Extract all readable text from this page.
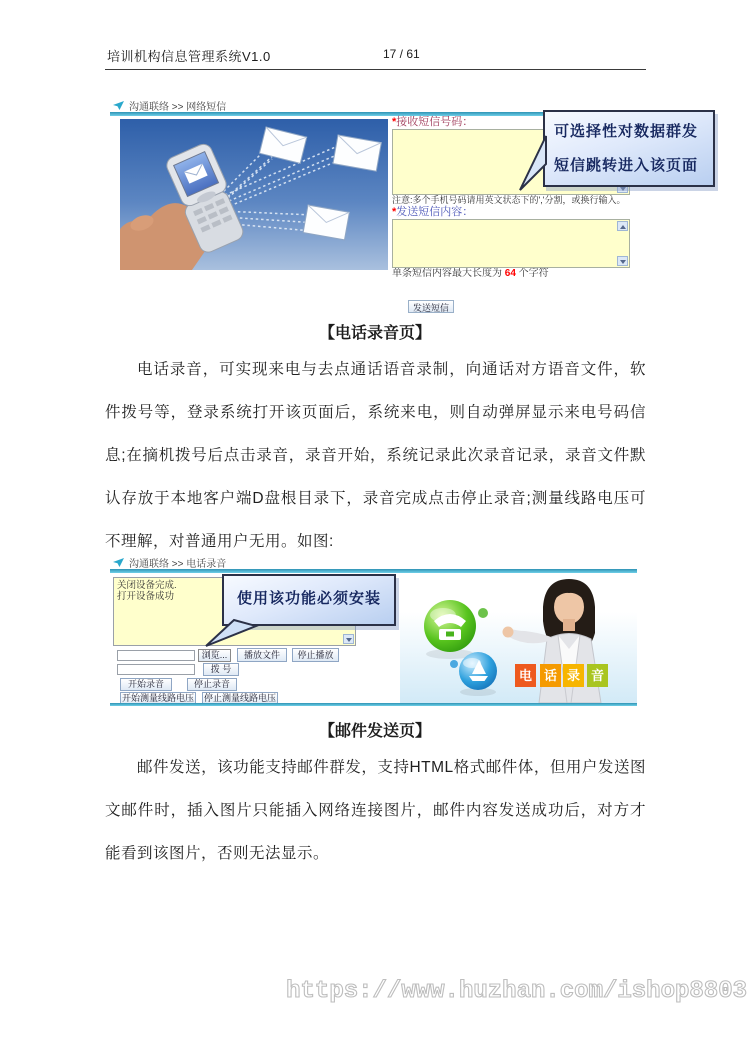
培训机构信息管理系统V1.0	17 / 61
沟通联络 >> 网络短信
*接收短信号码：
注意:多个手机号码请用英文状态下的','分割，或换行输入。
*发送短信内容：
单条短信内容最大长度为 64 个字符
发送短信
可选择性对数据群发
短信跳转进入该页面
【电话录音页】
电话录音，可实现来电与去点通话语音录制，向通话对方语音文件，软件拨号等，登录系统打开该页面后，系统来电，则自动弹屏显示来电号码信息;在摘机拨号后点击录音，录音开始，系统记录此次录音记录，录音文件默认存放于本地客户端D盘根目录下，录音完成点击停止录音;测量线路电压可不理解，对普通用户无用。如图:
沟通联络 >> 电话录音
关闭设备完成.
打开设备成功
浏览...	播放文件	停止播放
拨 号
开始录音	停止录音
开始测量线路电压 停止测量线路电压
电 话 录 音
使用该功能必须安装
【邮件发送页】
邮件发送，该功能支持邮件群发，支持HTML格式邮件体，但用户发送图文邮件时，插入图片只能插入网络连接图片，邮件内容发送成功后，对方才能看到该图片，否则无法显示。
https://www.huzhan.com/ishop8803
